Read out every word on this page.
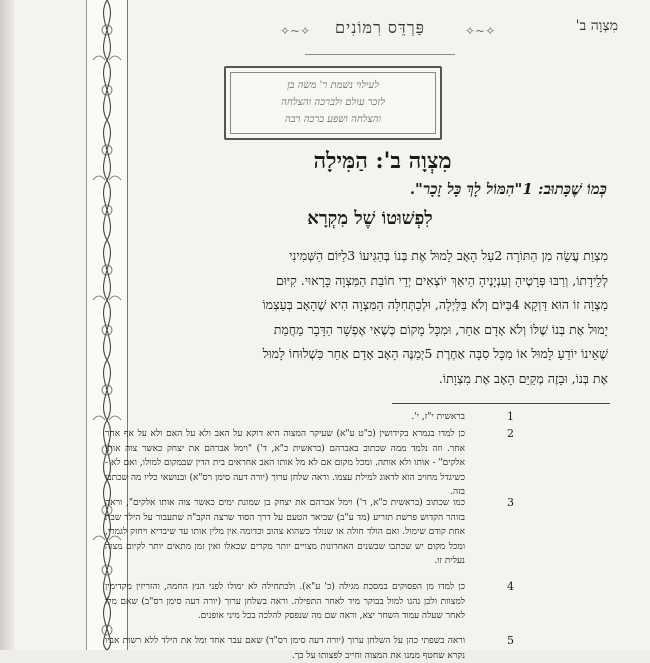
✧~✧	פַּרְדֵּס רִמּוֹנִים	✧~✧	מִצְוָה ב'
לעילוי נשמת ר' משה בן
לזכר עולם ולברכה והצלחה
והצלחה ושפע ברכה רבה
מִצְוָה ב': הַמִּילָה
כְּמוֹ שֶׁכָּתוּב: 1"הִמּוֹל לָךְ כָּל זָכָר".
לִפְשׁוּטוֹ שֶׁל מִקְרָא
מִצְוַת עֲשֵׂה מִן הַתּוֹרָה 2עַל הָאָב לָמוּל אֶת בְּנוֹ בְּהַגִּיעוֹ 3לַיּוֹם הַשְּׁמִינִי
לְלֵידָתוֹ, וְרַבּוּ פְּרָטֶיהָ וְעִנְיָנֶיהָ הֵיאַךְ יוֹצְאִים יְדֵי חוֹבַת הַמִּצְוָה כָּרָאוּי. קִיּוּם
מִצְוָה זוֹ הוּא דַּוְקָא 4בַּיּוֹם וְלֹא בַּלַּיְלָה, וּלְכַתְּחִלָּה הַמִּצְוָה הִיא שֶׁהָאָב בְּעַצְמוֹ
יָמוּל אֶת בְּנוֹ שֶׁלּוֹ וְלֹא אָדָם אַחֵר, וּמִכָּל מָקוֹם כְּשֶׁאִי אֶפְשָׁר הַדָּבָר מֵחֲמַת
שֶׁאֵינוֹ יוֹדֵעַ לָמוּל אוֹ מִכָּל סִבָּה אַחֶרֶת 5יְמַנֶּה הָאָב אָדָם אַחֵר כִּשְׁלוּחוֹ לָמוּל
אֶת בְּנוֹ, וּבָזֶה מְקַיֵּם הָאָב אֶת מִצְוָתוֹ.
1
בראשית י"ז, י'.
2
כן למדו בגמרא בקידושין (כ"ט ע"א) שעיקר המצוה היא דוקא על האב ולא על האם ולא על אף אחר אחר. וזה נלמד ממה שכתוב באברהם (בראשית כ"א, ד') "וימל אברהם את יצחק כאשר צוה אותו אלקים" - אותו ולא אותה. ומכל מקום אם לא מל אותו האב אחראים בית הדין שבמקום למולו, ואם לא - כשיגדל מחויב הוא לדאוג למילת עצמו. וראה שלחן ערוך (יורה דעה סימן רס"א) ובנושאי כליו מה שכתבו בזה.
3
כמו שכתוב (בראשית כ"א, ד') וימל אברהם את יצחק בן שמונת ימים כאשר צוה אותו אלקים", וראה בזוהר הקדוש פרשת תזריע (מד ע"ב) שביאר הטעם על דרך הסוד שרצה הקב"ה שתעבור על הילד שבת אחת קודם שימול. ואם הולד חולה או שנולד כשהוא צהוב וכדומה אין מלין אותו עד שיבריא ויחזק לגמרי, ומכל מקום יש שכתבו שבשנים האחרונות מצויים יותר מקרים שכאלו ואין זמן מתאים יותר לקיום מצוה נעלית זו.
4
כן למדו מן הפסוקים במסכת מגילה (כ' ע"א). ולכתחילה לא ימולו לפני הנץ החמה, והזריזין מקדימין למצוות ולכן נהגו למול בבוקר מיד לאחר התפילה. וראה בשלחן ערוך (יורה דעה סימן רס"ב) שאם מלו לאחר שעלה עמוד השחר יצא, וראה שם מה שנפסק להלכה בכל מיני אופנים.
5
וראה בשפתי כהן על השלחן ערוך (יורה דעה סימן רס"ד) שאם עבר אחד ומל את הילד ללא רשות אביו נקרא שחטף ממנו את המצוה וחייב לפצותו על כך.
